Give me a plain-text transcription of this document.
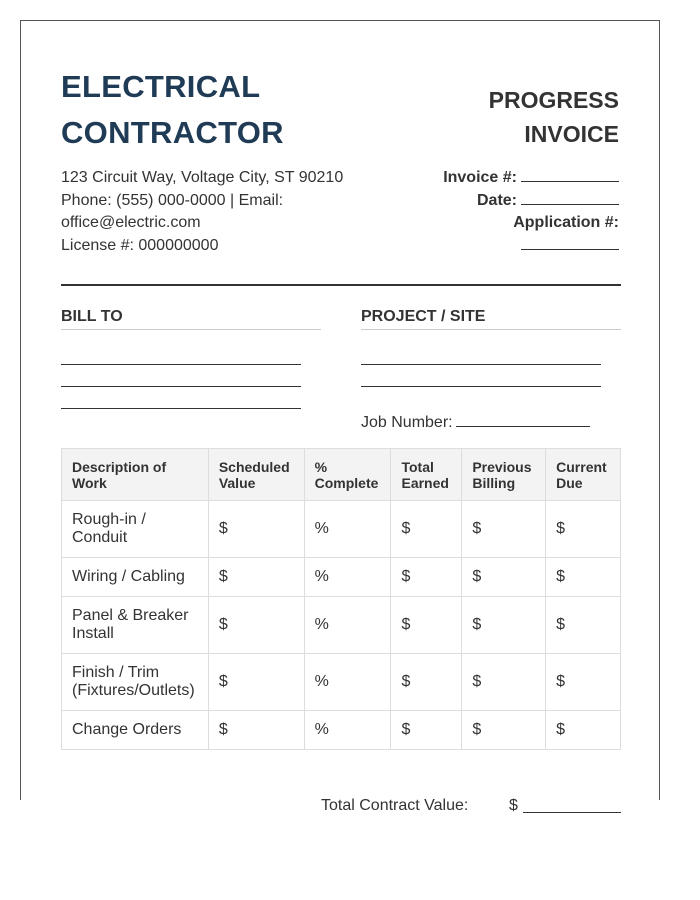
ELECTRICAL
CONTRACTOR
PROGRESS
INVOICE
123 Circuit Way, Voltage City, ST 90210
Phone: (555) 000-0000 | Email:
office@electric.com
License #: 000000000
Invoice #:
Date:
Application #:
BILL TO	PROJECT / SITE
Job Number:
Description of Work	Scheduled Value	% Complete	Total Earned	Previous Billing	Current Due
Rough-in / Conduit	$	%	$	$	$
Wiring / Cabling	$	%	$	$	$
Panel & Breaker Install	$	%	$	$	$
Finish / Trim (Fixtures/Outlets)	$	%	$	$	$
Change Orders	$	%	$	$	$
Total Contract Value:	$
